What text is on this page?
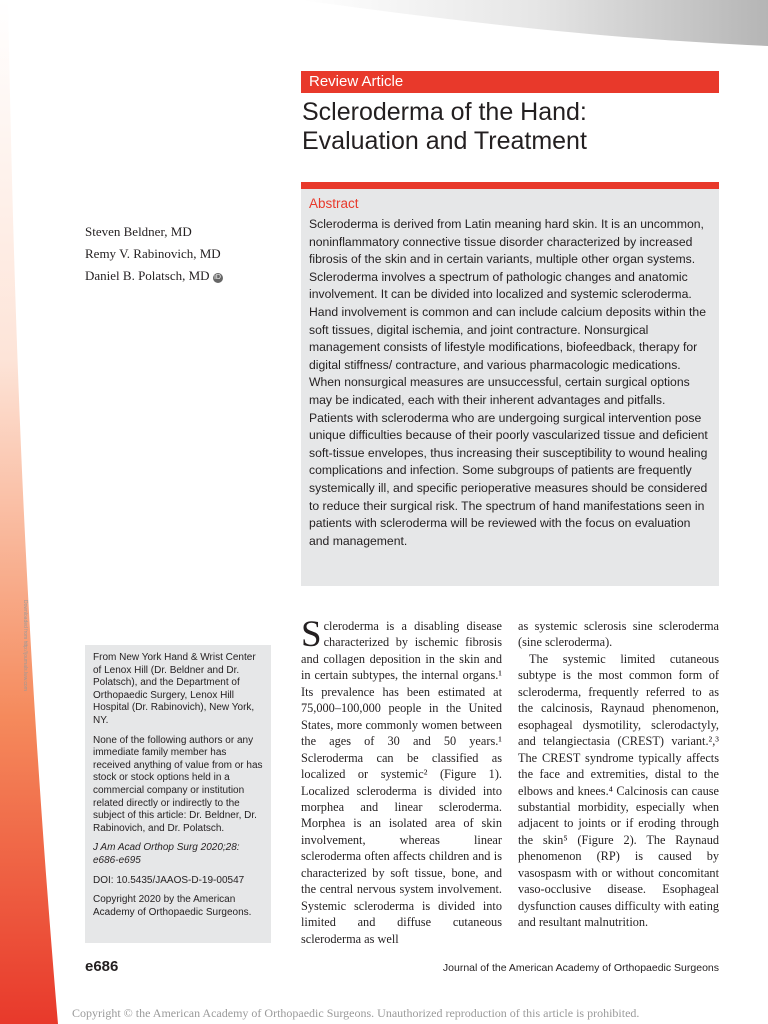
Downloaded from http://journals.lww.com
Review Article
Scleroderma of the Hand:
Evaluation and Treatment
Steven Beldner, MD
Remy V. Rabinovich, MD
Daniel B. Polatsch, MD iD
Abstract
Scleroderma is derived from Latin meaning hard skin. It is an uncommon, noninflammatory connective tissue disorder characterized by increased fibrosis of the skin and in certain variants, multiple other organ systems. Scleroderma involves a spectrum of pathologic changes and anatomic involvement. It can be divided into localized and systemic scleroderma. Hand involvement is common and can include calcium deposits within the soft tissues, digital ischemia, and joint contracture. Nonsurgical management consists of lifestyle modifications, biofeedback, therapy for digital stiffness/ contracture, and various pharmacologic medications. When nonsurgical measures are unsuccessful, certain surgical options may be indicated, each with their inherent advantages and pitfalls. Patients with scleroderma who are undergoing surgical intervention pose unique difficulties because of their poorly vascularized tissue and deficient soft-tissue envelopes, thus increasing their susceptibility to wound healing complications and infection. Some subgroups of patients are frequently systemically ill, and specific perioperative measures should be considered to reduce their surgical risk. The spectrum of hand manifestations seen in patients with scleroderma will be reviewed with the focus on evaluation and management.

From New York Hand & Wrist Center of Lenox Hill (Dr. Beldner and Dr. Polatsch), and the Department of Orthopaedic Surgery, Lenox Hill Hospital (Dr. Rabinovich), New York, NY.

None of the following authors or any immediate family member has received anything of value from or has stock or stock options held in a commercial company or institution related directly or indirectly to the subject of this article: Dr. Beldner, Dr. Rabinovich, and Dr. Polatsch.

J Am Acad Orthop Surg 2020;28: e686-e695

DOI: 10.5435/JAAOS-D-19-00547

Copyright 2020 by the American Academy of Orthopaedic Surgeons.

Scleroderma is a disabling disease characterized by ischemic fibrosis and collagen deposition in the skin and in certain subtypes, the internal organs.¹ Its prevalence has been estimated at 75,000–100,000 people in the United States, more commonly women between the ages of 30 and 50 years.¹ Scleroderma can be classified as localized or systemic² (Figure 1). Localized scleroderma is divided into morphea and linear scleroderma. Morphea is an isolated area of skin involvement, whereas linear scleroderma often affects children and is characterized by soft tissue, bone, and the central nervous system involvement. Systemic scleroderma is divided into limited and diffuse cutaneous scleroderma as well

as systemic sclerosis sine scleroderma (sine scleroderma).

The systemic limited cutaneous subtype is the most common form of scleroderma, frequently referred to as the calcinosis, Raynaud phenomenon, esophageal dysmotility, sclerodactyly, and telangiectasia (CREST) variant.²,³ The CREST syndrome typically affects the face and extremities, distal to the elbows and knees.⁴ Calcinosis can cause substantial morbidity, especially when adjacent to joints or if eroding through the skin⁵ (Figure 2). The Raynaud phenomenon (RP) is caused by vasospasm with or without concomitant vaso-occlusive disease. Esophageal dysfunction causes difficulty with eating and resultant malnutrition.

e686	Journal of the American Academy of Orthopaedic Surgeons
Copyright © the American Academy of Orthopaedic Surgeons. Unauthorized reproduction of this article is prohibited.
